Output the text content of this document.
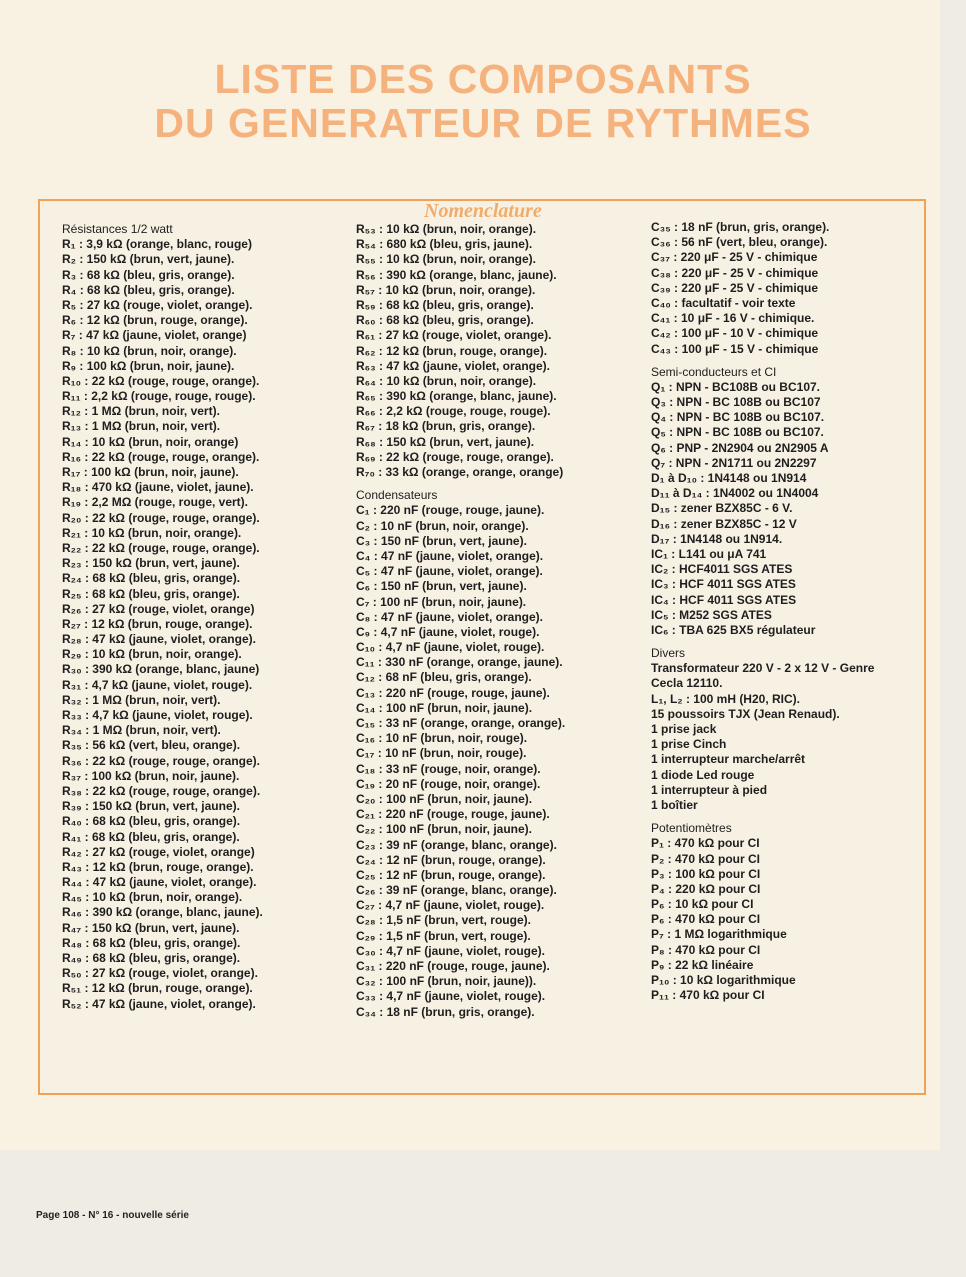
LISTE DES COMPOSANTS
DU GENERATEUR DE RYTHMES
Nomenclature
Résistances 1/2 watt
R₁ : 3,9 kΩ (orange, blanc, rouge)
R₂ : 150 kΩ (brun, vert, jaune).
R₃ : 68 kΩ (bleu, gris, orange).
R₄ : 68 kΩ (bleu, gris, orange).
R₅ : 27 kΩ (rouge, violet, orange).
R₆ : 12 kΩ (brun, rouge, orange).
R₇ : 47 kΩ (jaune, violet, orange)
R₈ : 10 kΩ (brun, noir, orange).
R₉ : 100 kΩ (brun, noir, jaune).
R₁₀ : 22 kΩ (rouge, rouge, orange).
R₁₁ : 2,2 kΩ (rouge, rouge, rouge).
R₁₂ : 1 MΩ (brun, noir, vert).
R₁₃ : 1 MΩ (brun, noir, vert).
R₁₄ : 10 kΩ (brun, noir, orange)
R₁₆ : 22 kΩ (rouge, rouge, orange).
R₁₇ : 100 kΩ (brun, noir, jaune).
R₁₈ : 470 kΩ (jaune, violet, jaune).
R₁₉ : 2,2 MΩ (rouge, rouge, vert).
R₂₀ : 22 kΩ (rouge, rouge, orange).
R₂₁ : 10 kΩ (brun, noir, orange).
R₂₂ : 22 kΩ (rouge, rouge, orange).
R₂₃ : 150 kΩ (brun, vert, jaune).
R₂₄ : 68 kΩ (bleu, gris, orange).
R₂₅ : 68 kΩ (bleu, gris, orange).
R₂₆ : 27 kΩ (rouge, violet, orange)
R₂₇ : 12 kΩ (brun, rouge, orange).
R₂₈ : 47 kΩ (jaune, violet, orange).
R₂₉ : 10 kΩ (brun, noir, orange).
R₃₀ : 390 kΩ (orange, blanc, jaune)
R₃₁ : 4,7 kΩ (jaune, violet, rouge).
R₃₂ : 1 MΩ (brun, noir, vert).
R₃₃ : 4,7 kΩ (jaune, violet, rouge).
R₃₄ : 1 MΩ (brun, noir, vert).
R₃₅ : 56 kΩ (vert, bleu, orange).
R₃₆ : 22 kΩ (rouge, rouge, orange).
R₃₇ : 100 kΩ (brun, noir, jaune).
R₃₈ : 22 kΩ (rouge, rouge, orange).
R₃₉ : 150 kΩ (brun, vert, jaune).
R₄₀ : 68 kΩ (bleu, gris, orange).
R₄₁ : 68 kΩ (bleu, gris, orange).
R₄₂ : 27 kΩ (rouge, violet, orange)
R₄₃ : 12 kΩ (brun, rouge, orange).
R₄₄ : 47 kΩ (jaune, violet, orange).
R₄₅ : 10 kΩ (brun, noir, orange).
R₄₆ : 390 kΩ (orange, blanc, jaune).
R₄₇ : 150 kΩ (brun, vert, jaune).
R₄₈ : 68 kΩ (bleu, gris, orange).
R₄₉ : 68 kΩ (bleu, gris, orange).
R₅₀ : 27 kΩ (rouge, violet, orange).
R₅₁ : 12 kΩ (brun, rouge, orange).
R₅₂ : 47 kΩ (jaune, violet, orange).
R₅₃ : 10 kΩ (brun, noir, orange).
R₅₄ : 680 kΩ (bleu, gris, jaune).
R₅₅ : 10 kΩ (brun, noir, orange).
R₅₆ : 390 kΩ (orange, blanc, jaune).
R₅₇ : 10 kΩ (brun, noir, orange).
R₅₉ : 68 kΩ (bleu, gris, orange).
R₆₀ : 68 kΩ (bleu, gris, orange).
R₆₁ : 27 kΩ (rouge, violet, orange).
R₆₂ : 12 kΩ (brun, rouge, orange).
R₆₃ : 47 kΩ (jaune, violet, orange).
R₆₄ : 10 kΩ (brun, noir, orange).
R₆₅ : 390 kΩ (orange, blanc, jaune).
R₆₆ : 2,2 kΩ (rouge, rouge, rouge).
R₆₇ : 18 kΩ (brun, gris, orange).
R₆₈ : 150 kΩ (brun, vert, jaune).
R₆₉ : 22 kΩ (rouge, rouge, orange).
R₇₀ : 33 kΩ (orange, orange, orange)
Condensateurs
C₁ : 220 nF (rouge, rouge, jaune).
C₂ : 10 nF (brun, noir, orange).
C₃ : 150 nF (brun, vert, jaune).
C₄ : 47 nF (jaune, violet, orange).
C₅ : 47 nF (jaune, violet, orange).
C₆ : 150 nF (brun, vert, jaune).
C₇ : 100 nF (brun, noir, jaune).
C₈ : 47 nF (jaune, violet, orange).
C₉ : 4,7 nF (jaune, violet, rouge).
C₁₀ : 4,7 nF (jaune, violet, rouge).
C₁₁ : 330 nF (orange, orange, jaune).
C₁₂ : 68 nF (bleu, gris, orange).
C₁₃ : 220 nF (rouge, rouge, jaune).
C₁₄ : 100 nF (brun, noir, jaune).
C₁₅ : 33 nF (orange, orange, orange).
C₁₆ : 10 nF (brun, noir, rouge).
C₁₇ : 10 nF (brun, noir, rouge).
C₁₈ : 33 nF (rouge, noir, orange).
C₁₉ : 20 nF (rouge, noir, orange).
C₂₀ : 100 nF (brun, noir, jaune).
C₂₁ : 220 nF (rouge, rouge, jaune).
C₂₂ : 100 nF (brun, noir, jaune).
C₂₃ : 39 nF (orange, blanc, orange).
C₂₄ : 12 nF (brun, rouge, orange).
C₂₅ : 12 nF (brun, rouge, orange).
C₂₆ : 39 nF (orange, blanc, orange).
C₂₇ : 4,7 nF (jaune, violet, rouge).
C₂₈ : 1,5 nF (brun, vert, rouge).
C₂₉ : 1,5 nF (brun, vert, rouge).
C₃₀ : 4,7 nF (jaune, violet, rouge).
C₃₁ : 220 nF (rouge, rouge, jaune).
C₃₂ : 100 nF (brun, noir, jaune)).
C₃₃ : 4,7 nF (jaune, violet, rouge).
C₃₄ : 18 nF (brun, gris, orange).
C₃₅ : 18 nF (brun, gris, orange).
C₃₆ : 56 nF (vert, bleu, orange).
C₃₇ : 220 μF - 25 V - chimique
C₃₈ : 220 μF - 25 V - chimique
C₃₉ : 220 μF - 25 V - chimique
C₄₀ : facultatif - voir texte
C₄₁ : 10 μF - 16 V - chimique.
C₄₂ : 100 μF - 10 V - chimique
C₄₃ : 100 μF - 15 V - chimique
Semi-conducteurs et CI
Q₁ : NPN - BC108B ou BC107.
Q₃ : NPN - BC 108B ou BC107
Q₄ : NPN - BC 108B ou BC107.
Q₅ : NPN - BC 108B ou BC107.
Q₆ : PNP - 2N2904 ou 2N2905 A
Q₇ : NPN - 2N1711 ou 2N2297
D₁ à D₁₀ : 1N4148 ou 1N914
D₁₁ à D₁₄ : 1N4002 ou 1N4004
D₁₅ : zener BZX85C - 6 V.
D₁₆ : zener BZX85C - 12 V
D₁₇ : 1N4148 ou 1N914.
IC₁ : L141 ou μA 741
IC₂ : HCF4011 SGS ATES
IC₃ : HCF 4011 SGS ATES
IC₄ : HCF 4011 SGS ATES
IC₅ : M252 SGS ATES
IC₆ : TBA 625 BX5 régulateur
Divers
Transformateur 220 V - 2 x 12 V - Genre
Cecla 12110.
L₁, L₂ : 100 mH (H20, RIC).
15 poussoirs TJX (Jean Renaud).
1 prise jack
1 prise Cinch
1 interrupteur marche/arrêt
1 diode Led rouge
1 interrupteur à pied
1 boîtier
Potentiomètres
P₁ : 470 kΩ pour CI
P₂ : 470 kΩ pour CI
P₃ : 100 kΩ pour CI
P₄ : 220 kΩ pour CI
P₆ : 10 kΩ pour CI
P₆ : 470 kΩ pour CI
P₇ : 1 MΩ logarithmique
P₈ : 470 kΩ pour CI
P₉ : 22 kΩ linéaire
P₁₀ : 10 kΩ logarithmique
P₁₁ : 470 kΩ pour CI
Page 108 - N° 16 - nouvelle série
